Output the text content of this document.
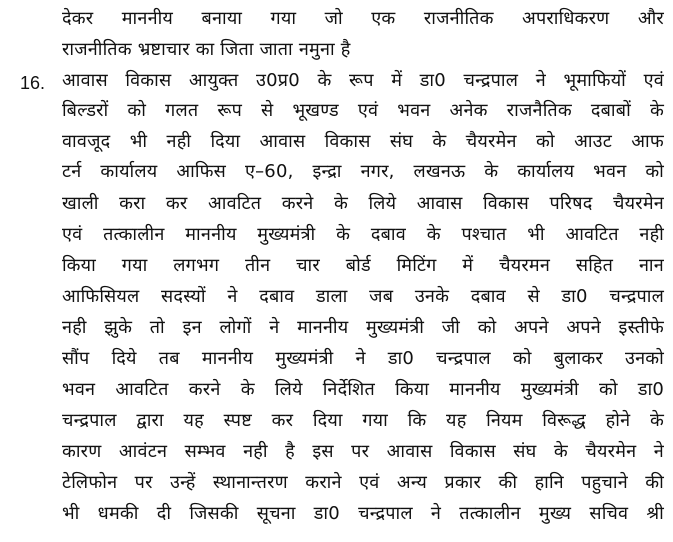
देकर माननीय बनाया गया जो एक राजनीतिक अपराधिकरण और
राजनीतिक भ्रष्टाचार का जिता जाता नमुना है
16. आवास विकास आयुक्त उ0प्र0 के रूप में डा0 चन्द्रपाल ने भूमाफियों एवं
बिल्डरों को गलत रूप से भूखण्ड एवं भवन अनेक राजनैतिक दबाबों के
वावजूद भी नही दिया आवास विकास संघ के चैयरमेन को आउट आफ
टर्न कार्यालय आफिस ए–60, इन्द्रा नगर, लखनऊ के कार्यालय भवन को
खाली करा कर आवटित करने के लिये आवास विकास परिषद चैयरमेन
एवं तत्कालीन माननीय मुख्यमंत्री के दबाव के पश्चात भी आवटित नही
किया गया लगभग तीन चार बोर्ड मिटिंग में चैयरमन सहित नान
आफिसियल सदस्यों ने दबाव डाला जब उनके दबाव से डा0 चन्द्रपाल
नही झुके तो इन लोगों ने माननीय मुख्यमंत्री जी को अपने अपने इस्तीफे
सौंप दिये तब माननीय मुख्यमंत्री ने डा0 चन्द्रपाल को बुलाकर उनको
भवन आवटित करने के लिये निर्देशित किया माननीय मुख्यमंत्री को डा0
चन्द्रपाल द्वारा यह स्पष्ट कर दिया गया कि यह नियम विरूद्ध होने के
कारण आवंटन सम्भव नही है इस पर आवास विकास संघ के चैयरमेन ने
टेलिफोन पर उन्हें स्थानान्तरण कराने एवं अन्य प्रकार की हानि पहुचाने की
भी धमकी दी जिसकी सूचना डा0 चन्द्रपाल ने तत्कालीन मुख्य सचिव श्री
